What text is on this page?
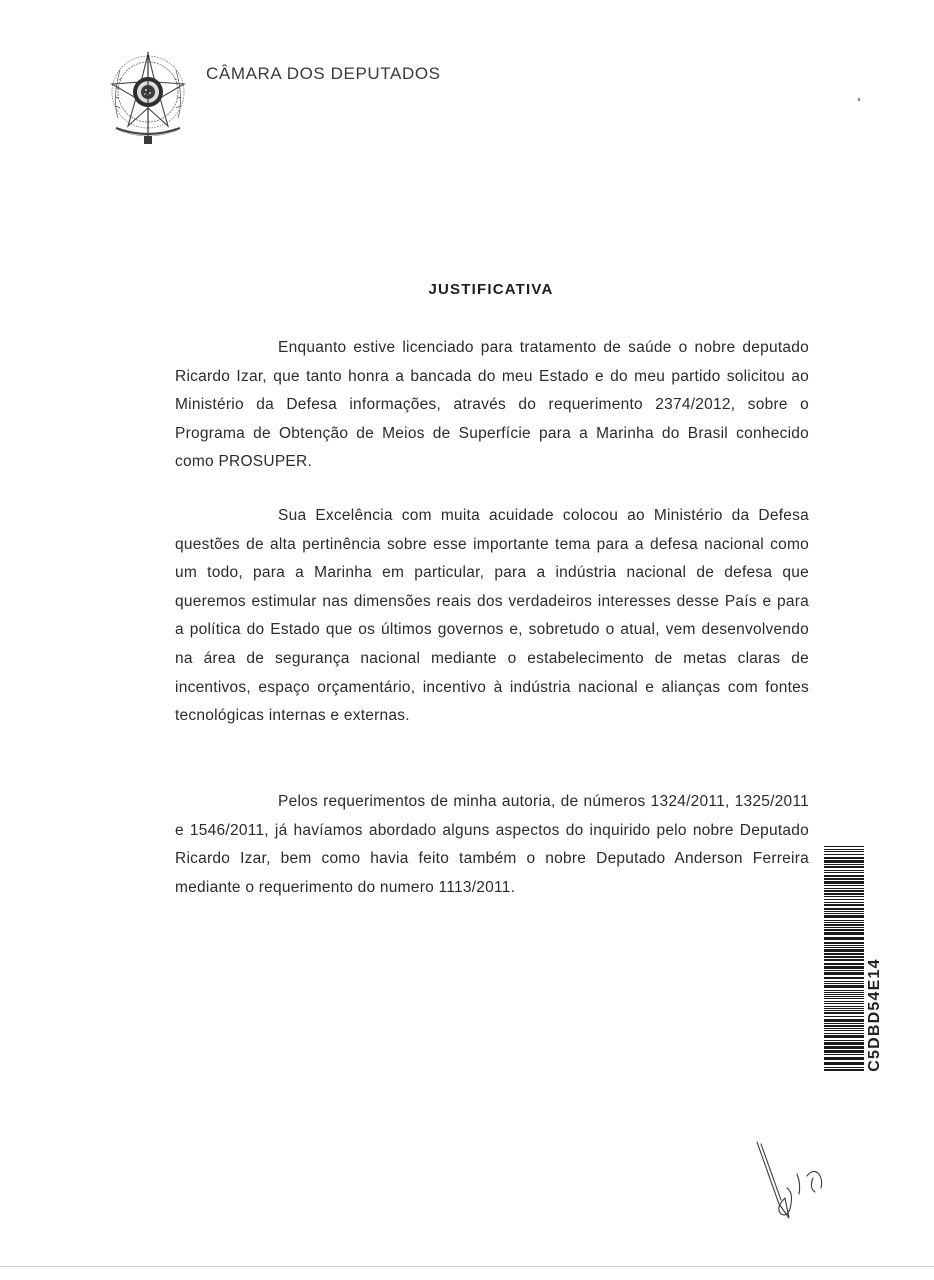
CÂMARA DOS DEPUTADOS
JUSTIFICATIVA
Enquanto estive licenciado para tratamento de saúde o nobre deputado Ricardo Izar, que tanto honra a bancada do meu Estado e do meu partido solicitou ao Ministério da Defesa informações, através do requerimento 2374/2012, sobre o Programa de Obtenção de Meios de Superfície para a Marinha do Brasil conhecido como PROSUPER.
Sua Excelência com muita acuidade colocou ao Ministério da Defesa questões de alta pertinência sobre esse importante tema para a defesa nacional como um todo, para a Marinha em particular, para a indústria nacional de defesa que queremos estimular nas dimensões reais dos verdadeiros interesses desse País e para a política do Estado que os últimos governos e, sobretudo o atual, vem desenvolvendo na área de segurança nacional mediante o estabelecimento de metas claras de incentivos, espaço orçamentário, incentivo à indústria nacional e alianças com fontes tecnológicas internas e externas.
Pelos requerimentos de minha autoria, de números 1324/2011, 1325/2011 e 1546/2011, já havíamos abordado alguns aspectos do inquirido pelo nobre Deputado Ricardo Izar, bem como havia feito também o nobre Deputado Anderson Ferreira mediante o requerimento do numero 1113/2011.
C5DBD54E14
